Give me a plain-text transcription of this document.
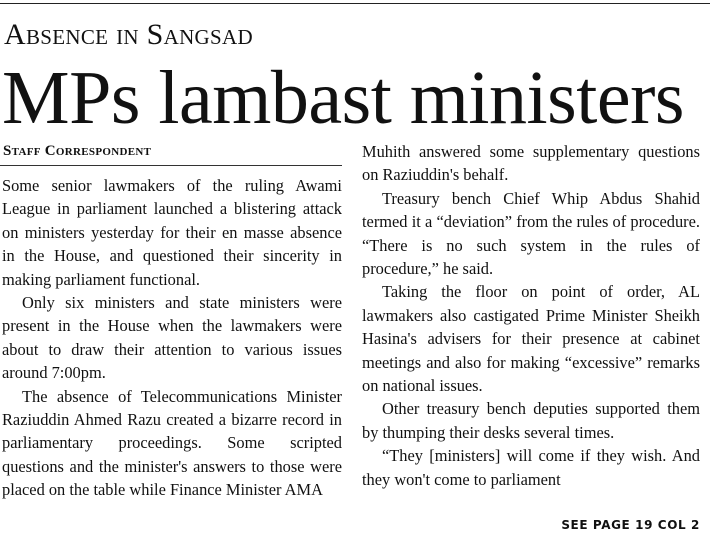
Absence in Sangsad
MPs lambast ministers
Staff Correspondent

Some senior lawmakers of the ruling Awami League in parliament launched a blistering attack on ministers yesterday for their en masse absence in the House, and questioned their sincerity in making parliament functional.

Only six ministers and state ministers were present in the House when the lawmakers were about to draw their attention to various issues around 7:00pm.

The absence of Telecommunications Minister Raziuddin Ahmed Razu created a bizarre record in parliamentary proceedings. Some scripted questions and the minister's answers to those were placed on the table while Finance Minister AMA

Muhith answered some supplementary questions on Raziuddin's behalf.

Treasury bench Chief Whip Abdus Shahid termed it a “deviation” from the rules of procedure. “There is no such system in the rules of procedure,” he said.

Taking the floor on point of order, AL lawmakers also castigated Prime Minister Sheikh Hasina's advisers for their presence at cabinet meetings and also for making “excessive” remarks on national issues.

Other treasury bench deputies supported them by thumping their desks several times.

“They [ministers] will come if they wish. And they won't come to parliament

SEE PAGE 19 COL 2
